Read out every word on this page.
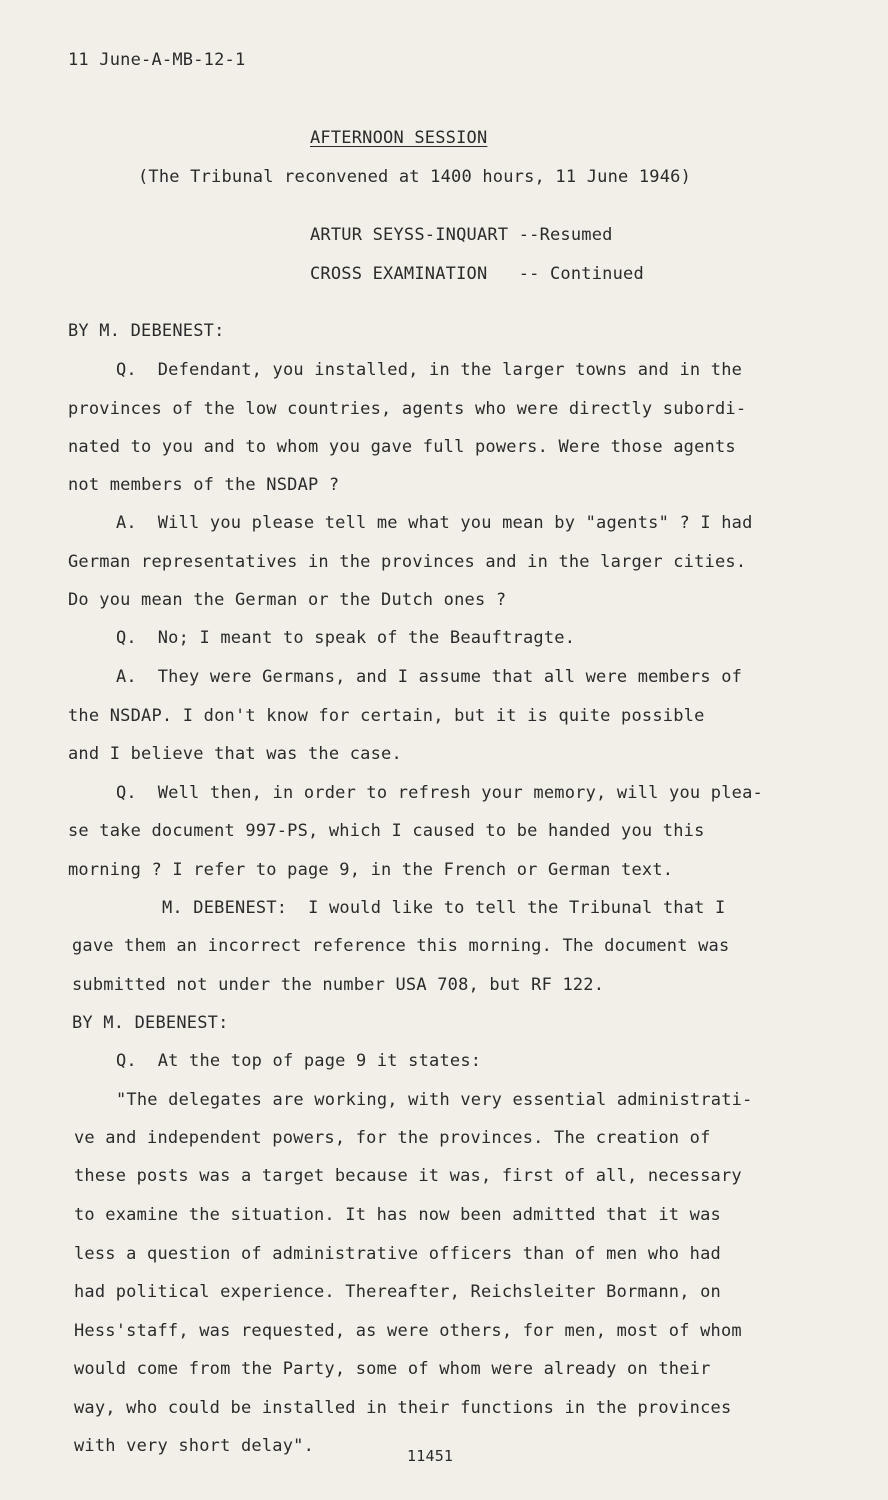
11 June-A-MB-12-1
AFTERNOON SESSION
(The Tribunal reconvened at 1400 hours, 11 June 1946)
ARTUR SEYSS-INQUART --Resumed
CROSS EXAMINATION   -- Continued
BY M. DEBENEST:
Q.  Defendant, you installed, in the larger towns and in the
provinces of the low countries, agents who were directly subordi-
nated to you and to whom you gave full powers. Were those agents
not members of the NSDAP ?
A.  Will you please tell me what you mean by "agents" ? I had
German representatives in the provinces and in the larger cities.
Do you mean the German or the Dutch ones ?
Q.  No; I meant to speak of the Beauftragte.
A.  They were Germans, and I assume that all were members of
the NSDAP. I don't know for certain, but it is quite possible
and I believe that was the case.
Q.  Well then, in order to refresh your memory, will you plea-
se take document 997-PS, which I caused to be handed you this
morning ? I refer to page 9, in the French or German text.
M. DEBENEST:  I would like to tell the Tribunal that I
gave them an incorrect reference this morning. The document was
submitted not under the number USA 708, but RF 122.
BY M. DEBENEST:
Q.  At the top of page 9 it states:
"The delegates are working, with very essential administrati-
ve and independent powers, for the provinces. The creation of
these posts was a target because it was, first of all, necessary
to examine the situation. It has now been admitted that it was
less a question of administrative officers than of men who had
had political experience. Thereafter, Reichsleiter Bormann, on
Hess'staff, was requested, as were others, for men, most of whom
would come from the Party, some of whom were already on their
way, who could be installed in their functions in the provinces
with very short delay".	11451
